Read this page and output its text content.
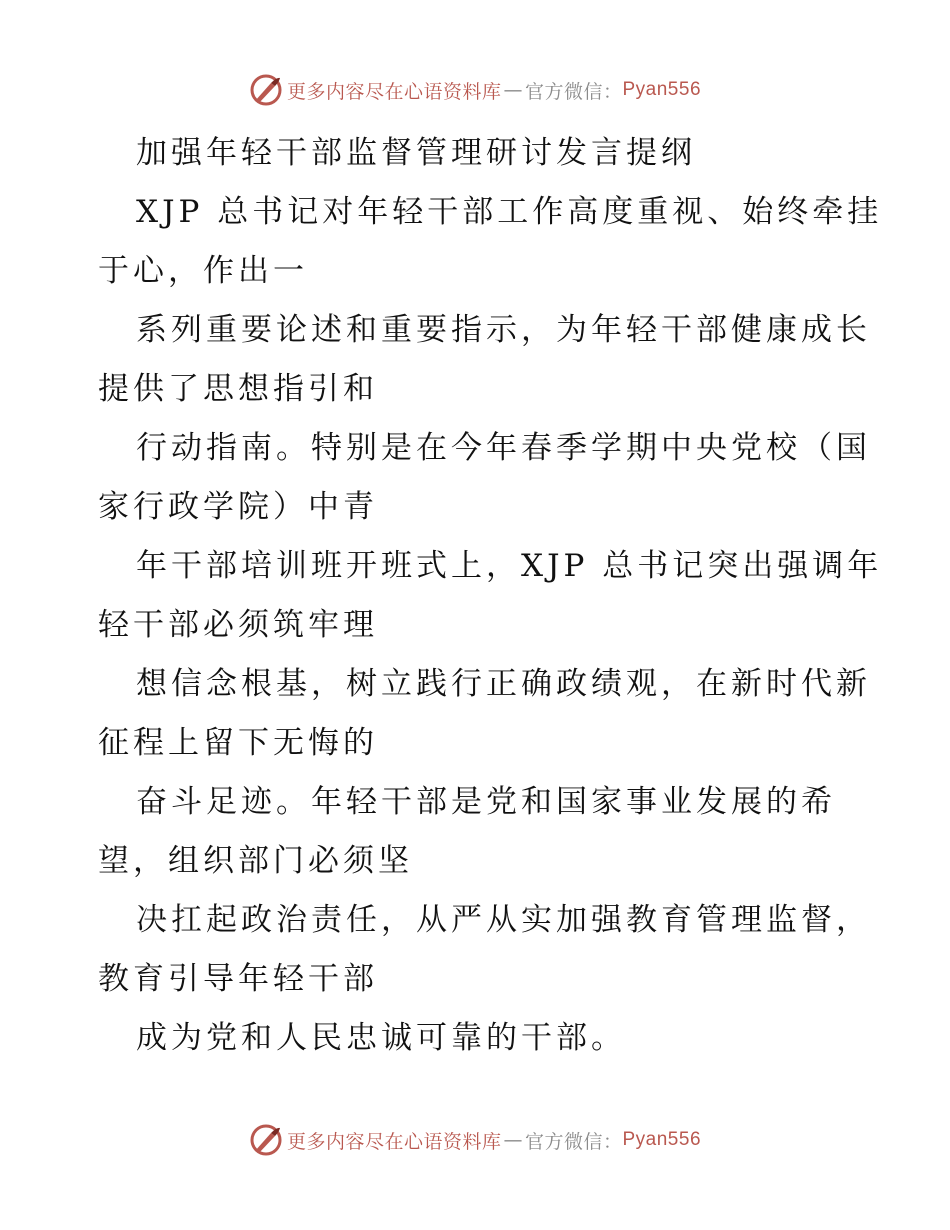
更多内容尽在心语资料库 — 官方微信： Pyan556
加强年轻干部监督管理研讨发言提纲
XJP 总书记对年轻干部工作高度重视、始终牵挂
于心，作出一
系列重要论述和重要指示，为年轻干部健康成长
提供了思想指引和
行动指南。特别是在今年春季学期中央党校（国
家行政学院）中青
年干部培训班开班式上，XJP 总书记突出强调年
轻干部必须筑牢理
想信念根基，树立践行正确政绩观，在新时代新
征程上留下无悔的
奋斗足迹。年轻干部是党和国家事业发展的希
望，组织部门必须坚
决扛起政治责任，从严从实加强教育管理监督，
教育引导年轻干部
成为党和人民忠诚可靠的干部。
更多内容尽在心语资料库 — 官方微信： Pyan556
